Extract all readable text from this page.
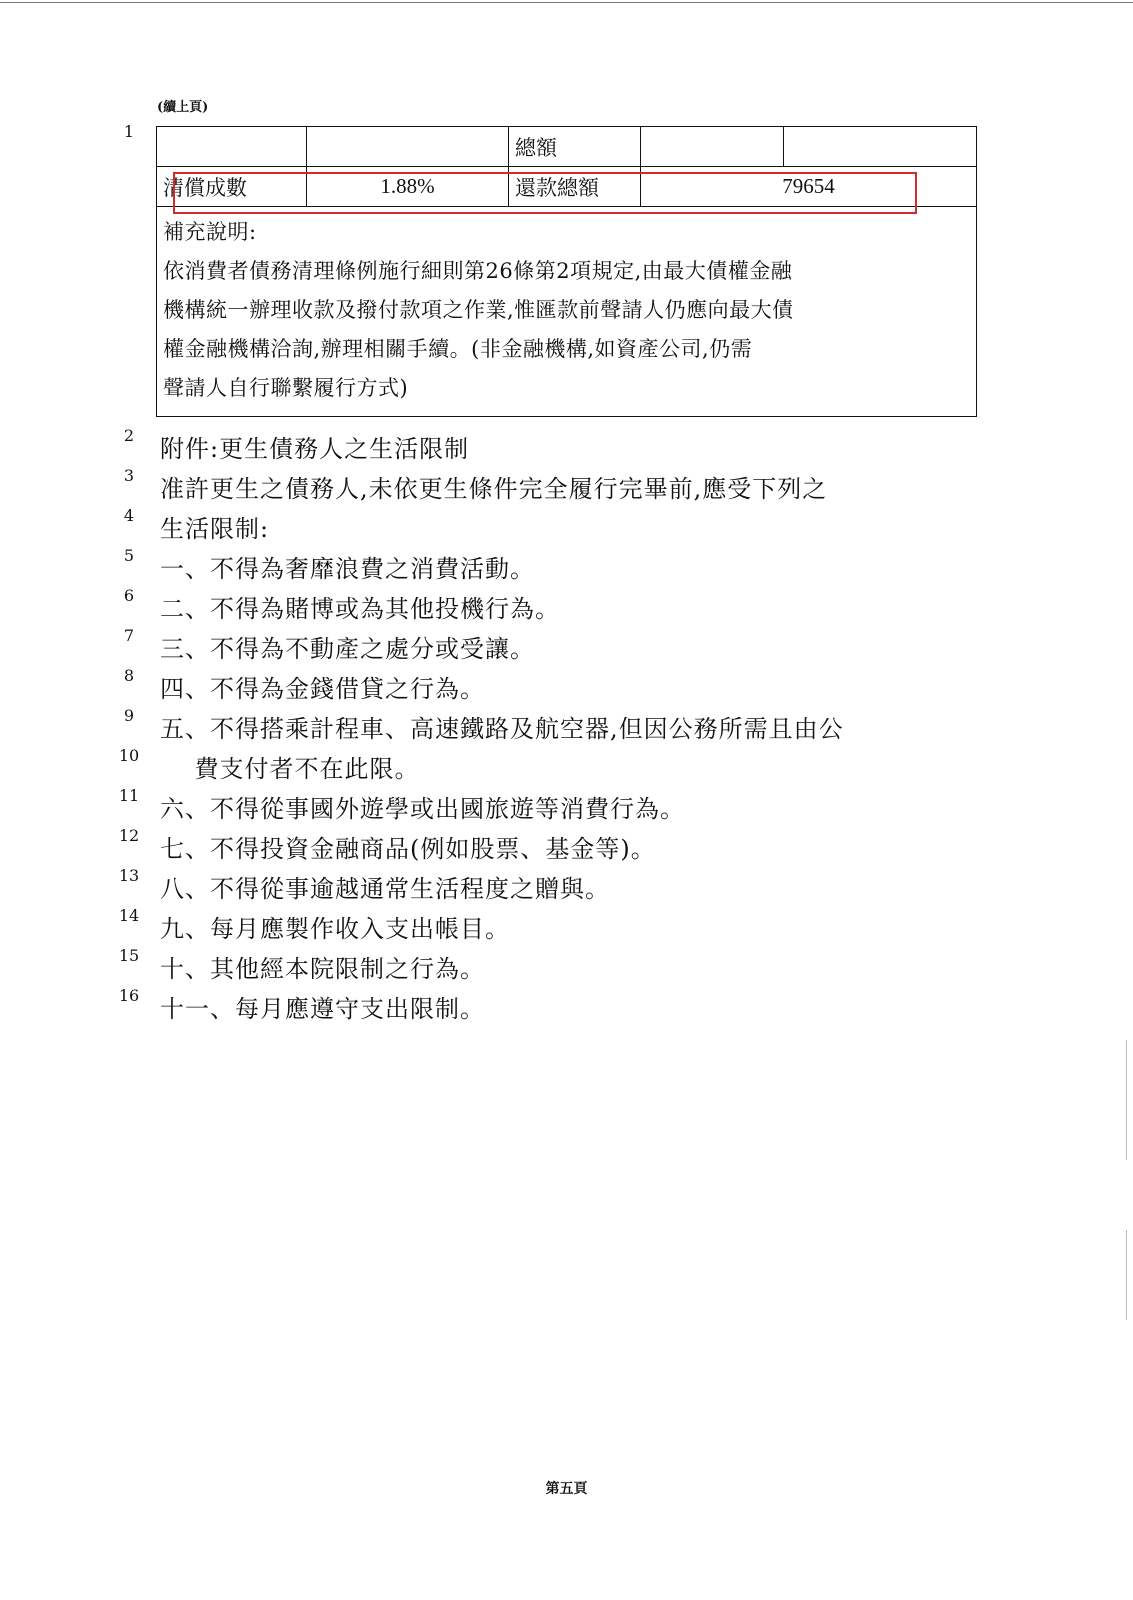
(續上頁)
1
2
3
4
5
6
7
8
9
10
11
12
13
14
15
16
		總額		
清償成數	1.88%	還款總額	79654	

補充說明:
依消費者債務清理條例施行細則第26條第2項規定,由最大債權金融
機構統一辦理收款及撥付款項之作業,惟匯款前聲請人仍應向最大債
權金融機構洽詢,辦理相關手續。(非金融機構,如資產公司,仍需
聲請人自行聯繫履行方式)				
附件:更生債務人之生活限制
准許更生之債務人,未依更生條件完全履行完畢前,應受下列之
生活限制:
一、不得為奢靡浪費之消費活動。
二、不得為賭博或為其他投機行為。
三、不得為不動產之處分或受讓。
四、不得為金錢借貸之行為。
五、不得搭乘計程車、高速鐵路及航空器,但因公務所需且由公
費支付者不在此限。
六、不得從事國外遊學或出國旅遊等消費行為。
七、不得投資金融商品(例如股票、基金等)。
八、不得從事逾越通常生活程度之贈與。
九、每月應製作收入支出帳目。
十、其他經本院限制之行為。
十一、每月應遵守支出限制。
第五頁
